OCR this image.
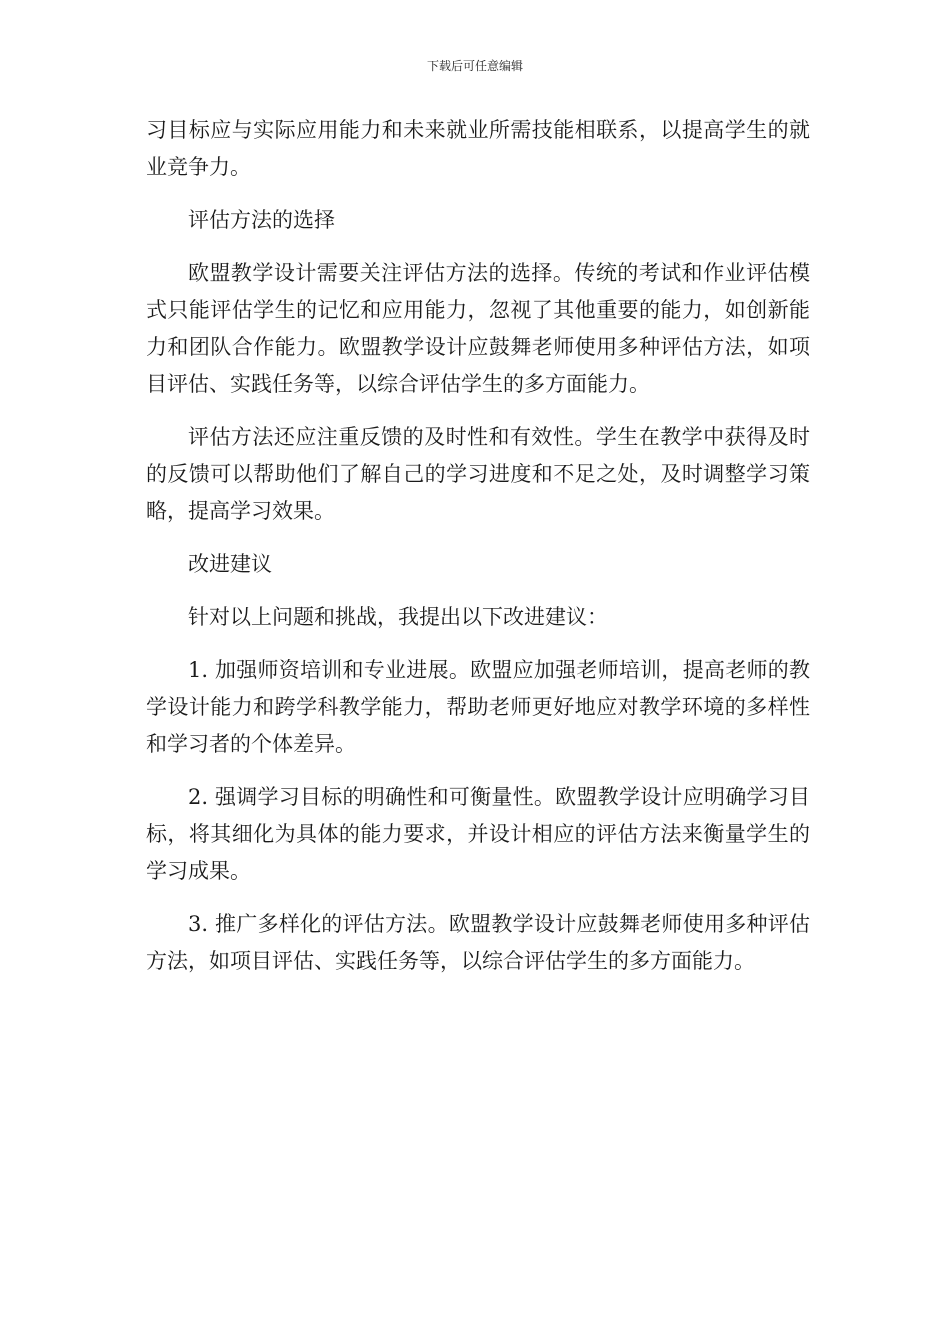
下载后可任意编辑

习目标应与实际应用能力和未来就业所需技能相联系，以提高学生的就业竞争力。

评估方法的选择

欧盟教学设计需要关注评估方法的选择。传统的考试和作业评估模式只能评估学生的记忆和应用能力，忽视了其他重要的能力，如创新能力和团队合作能力。欧盟教学设计应鼓舞老师使用多种评估方法，如项目评估、实践任务等，以综合评估学生的多方面能力。

评估方法还应注重反馈的及时性和有效性。学生在教学中获得及时的反馈可以帮助他们了解自己的学习进度和不足之处，及时调整学习策略，提高学习效果。

改进建议

针对以上问题和挑战，我提出以下改进建议：

1. 加强师资培训和专业进展。欧盟应加强老师培训，提高老师的教学设计能力和跨学科教学能力，帮助老师更好地应对教学环境的多样性和学习者的个体差异。

2. 强调学习目标的明确性和可衡量性。欧盟教学设计应明确学习目标，将其细化为具体的能力要求，并设计相应的评估方法来衡量学生的学习成果。

3. 推广多样化的评估方法。欧盟教学设计应鼓舞老师使用多种评估方法，如项目评估、实践任务等，以综合评估学生的多方面能力。
